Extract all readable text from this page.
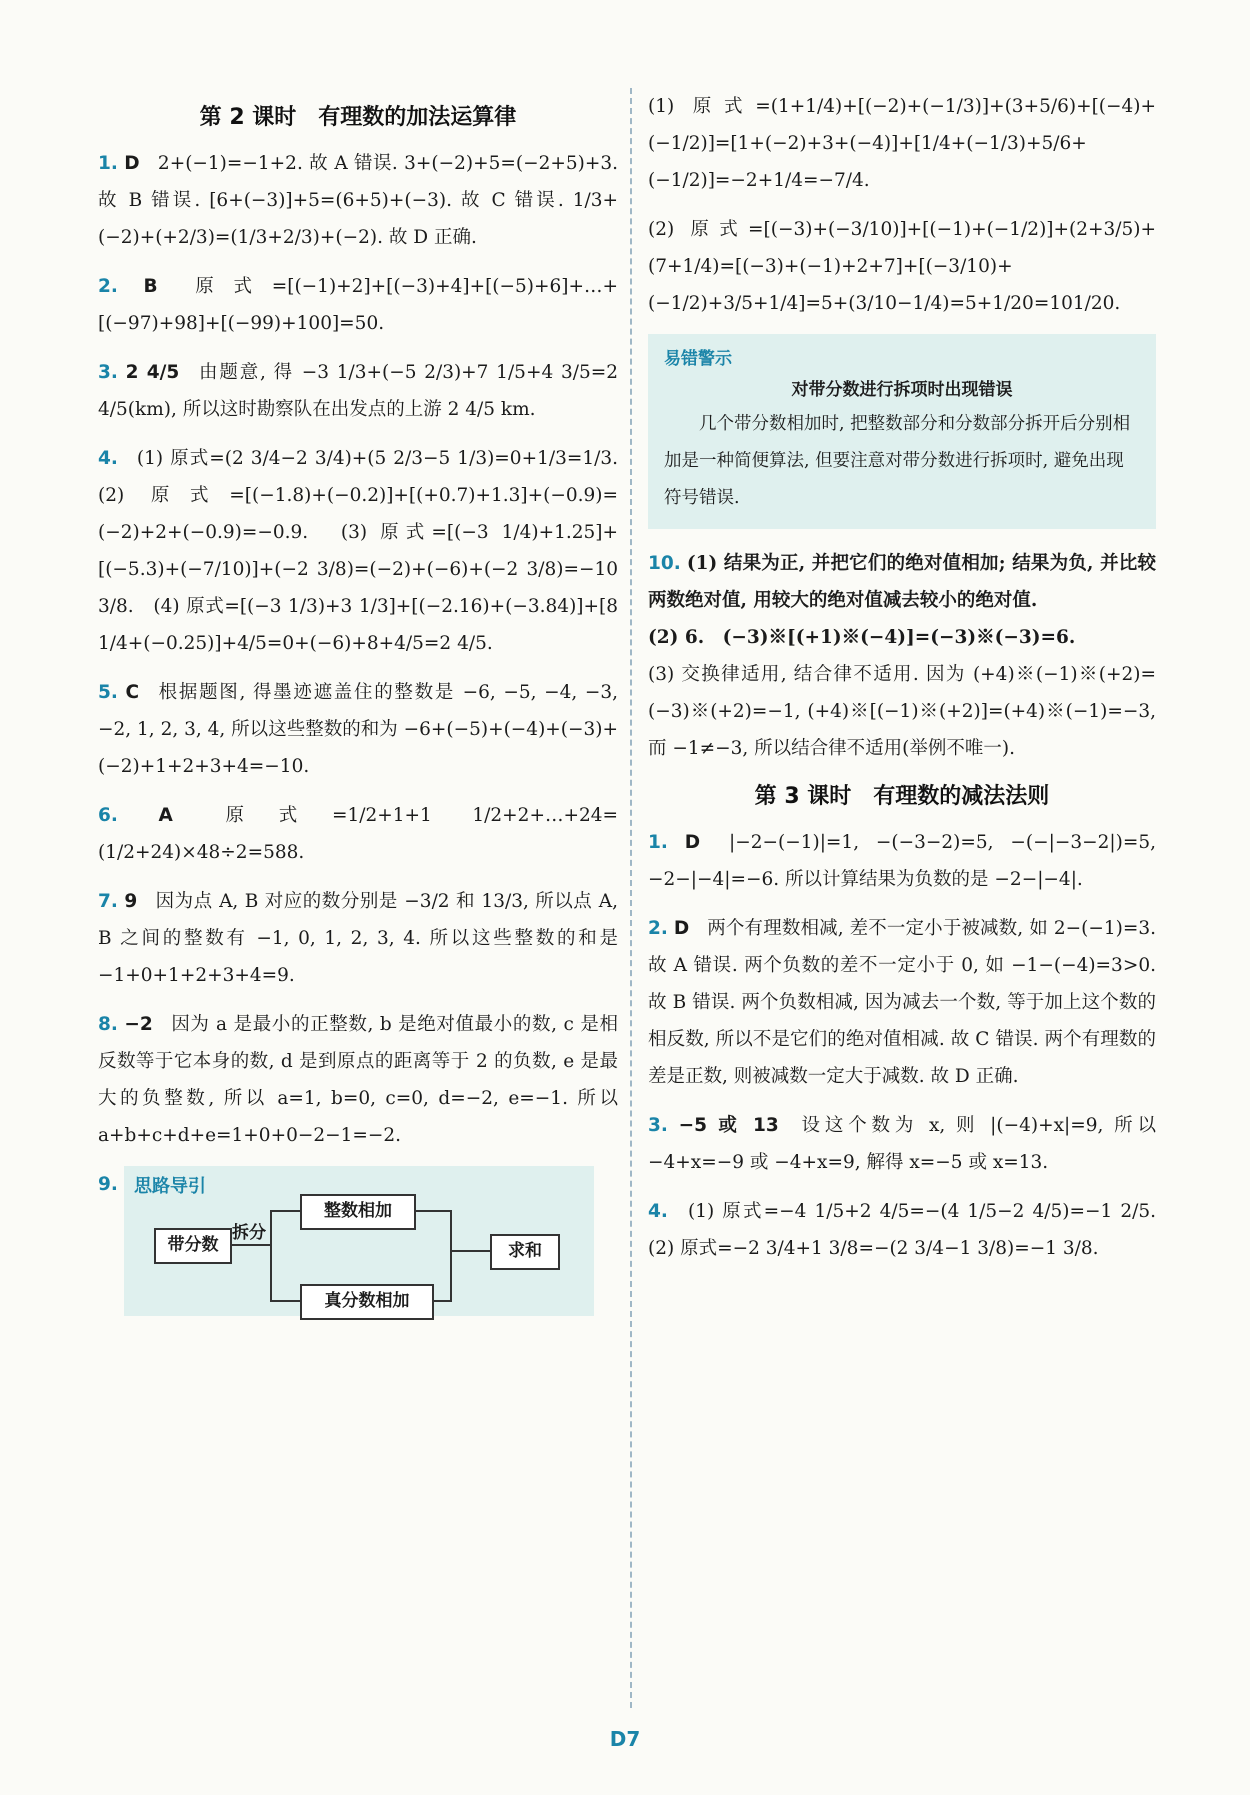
第 2 课时　有理数的加法运算律
1. D 2+(−1)=−1+2. 故 A 错误. 3+(−2)+5=(−2+5)+3. 故 B 错误. [6+(−3)]+5=(6+5)+(−3). 故 C 错误. 1/3+(−2)+(+2/3)=(1/3+2/3)+(−2). 故 D 正确.
2. B 原式=[(−1)+2]+[(−3)+4]+[(−5)+6]+…+[(−97)+98]+[(−99)+100]=50.
3. 2 4/5 由题意, 得 −3 1/3+(−5 2/3)+7 1/5+4 3/5=2 4/5(km), 所以这时勘察队在出发点的上游 2 4/5 km.
4. (1) 原式=(2 3/4−2 3/4)+(5 2/3−5 1/3)=0+1/3=1/3.　(2) 原式=[(−1.8)+(−0.2)]+[(+0.7)+1.3]+(−0.9)=(−2)+2+(−0.9)=−0.9.　(3) 原式=[(−3 1/4)+1.25]+[(−5.3)+(−7/10)]+(−2 3/8)=(−2)+(−6)+(−2 3/8)=−10 3/8.　(4) 原式=[(−3 1/3)+3 1/3]+[(−2.16)+(−3.84)]+[8 1/4+(−0.25)]+4/5=0+(−6)+8+4/5=2 4/5.
5. C 根据题图, 得墨迹遮盖住的整数是 −6, −5, −4, −3, −2, 1, 2, 3, 4, 所以这些整数的和为 −6+(−5)+(−4)+(−3)+(−2)+1+2+3+4=−10.
6. A	原式=1/2+1+1 1/2+2+…+24=(1/2+24)×48÷2=588.
7. 9 因为点 A, B 对应的数分别是 −3/2 和 13/3, 所以点 A, B 之间的整数有 −1, 0, 1, 2, 3, 4. 所以这些整数的和是 −1+0+1+2+3+4=9.
8. −2 因为 a 是最小的正整数, b 是绝对值最小的数, c 是相反数等于它本身的数, d 是到原点的距离等于 2 的负数, e 是最大的负整数, 所以 a=1, b=0, c=0, d=−2, e=−1. 所以 a+b+c+d+e=1+0+0−2−1=−2.
9. 思路导引
带分数
拆分
整数相加
真分数相加
求和
(1) 原式=(1+1/4)+[(−2)+(−1/3)]+(3+5/6)+[(−4)+(−1/2)]=[1+(−2)+3+(−4)]+[1/4+(−1/3)+5/6+(−1/2)]=−2+1/4=−7/4.
(2) 原式=[(−3)+(−3/10)]+[(−1)+(−1/2)]+(2+3/5)+(7+1/4)=[(−3)+(−1)+2+7]+[(−3/10)+(−1/2)+3/5+1/4]=5+(3/10−1/4)=5+1/20=101/20.
易错警示
对带分数进行拆项时出现错误
几个带分数相加时, 把整数部分和分数部分拆开后分别相加是一种简便算法, 但要注意对带分数进行拆项时, 避免出现符号错误.
10. (1) 结果为正, 并把它们的绝对值相加; 结果为负, 并比较两数绝对值, 用较大的绝对值减去较小的绝对值.
(2) 6.　(−3)※[(+1)※(−4)]=(−3)※(−3)=6.
(3) 交换律适用, 结合律不适用. 因为 (+4)※(−1)※(+2)=(−3)※(+2)=−1, (+4)※[(−1)※(+2)]=(+4)※(−1)=−3, 而 −1≠−3, 所以结合律不适用(举例不唯一).
第 3 课时　有理数的减法法则
1. D |−2−(−1)|=1, −(−3−2)=5, −(−|−3−2|)=5, −2−|−4|=−6. 所以计算结果为负数的是 −2−|−4|.
2. D 两个有理数相减, 差不一定小于被减数, 如 2−(−1)=3. 故 A 错误. 两个负数的差不一定小于 0, 如 −1−(−4)=3>0. 故 B 错误. 两个负数相减, 因为减去一个数, 等于加上这个数的相反数, 所以不是它们的绝对值相减. 故 C 错误. 两个有理数的差是正数, 则被减数一定大于减数. 故 D 正确.
3. −5 或 13 设这个数为 x, 则 |(−4)+x|=9, 所以 −4+x=−9 或 −4+x=9, 解得 x=−5 或 x=13.
4. (1) 原式=−4 1/5+2 4/5=−(4 1/5−2 4/5)=−1 2/5.　(2) 原式=−2 3/4+1 3/8=−(2 3/4−1 3/8)=−1 3/8.
D7
